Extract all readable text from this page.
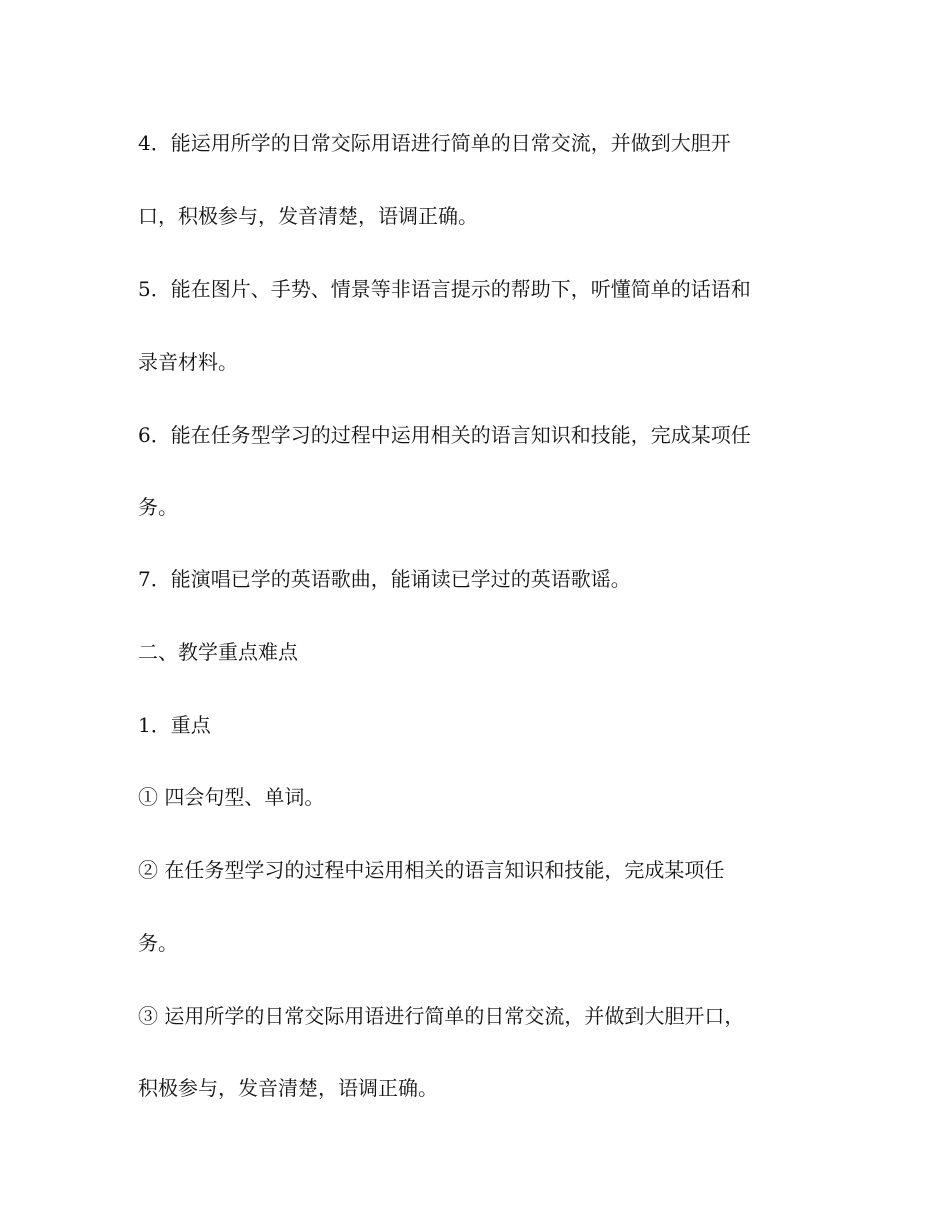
4．能运用所学的日常交际用语进行简单的日常交流，并做到大胆开
口，积极参与，发音清楚，语调正确。
5．能在图片、手势、情景等非语言提示的帮助下，听懂简单的话语和
录音材料。
6．能在任务型学习的过程中运用相关的语言知识和技能，完成某项任
务。
7．能演唱已学的英语歌曲，能诵读已学过的英语歌谣。
二、教学重点难点
1．重点
① 四会句型、单词。
② 在任务型学习的过程中运用相关的语言知识和技能，完成某项任
务。
③ 运用所学的日常交际用语进行简单的日常交流，并做到大胆开口，
积极参与，发音清楚，语调正确。
